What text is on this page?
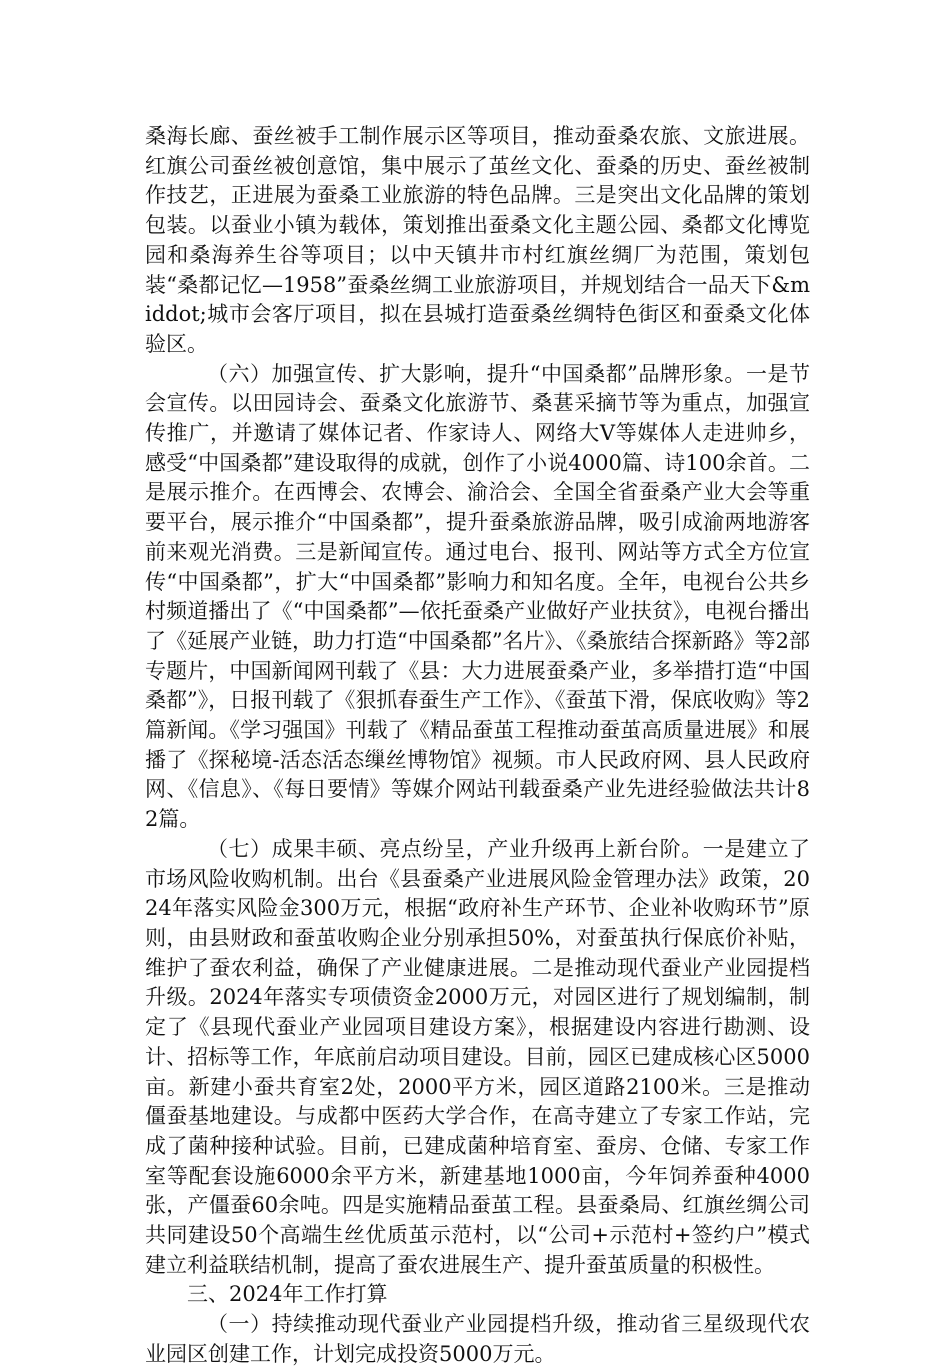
桑海长廊、蚕丝被手工制作展示区等项目，推动蚕桑农旅、文旅进展。红旗公司蚕丝被创意馆，集中展示了茧丝文化、蚕桑的历史、蚕丝被制作技艺，正进展为蚕桑工业旅游的特色品牌。三是突出文化品牌的策划包装。以蚕业小镇为载体，策划推出蚕桑文化主题公园、桑都文化博览园和桑海养生谷等项目；以中天镇井市村红旗丝绸厂为范围，策划包装“桑都记忆—1958”蚕桑丝绸工业旅游项目，并规划结合一品天下&middot;城市会客厅项目，拟在县城打造蚕桑丝绸特色街区和蚕桑文化体验区。

（六）加强宣传、扩大影响，提升“中国桑都”品牌形象。一是节会宣传。以田园诗会、蚕桑文化旅游节、桑葚采摘节等为重点，加强宣传推广，并邀请了媒体记者、作家诗人、网络大V等媒体人走进帅乡，感受“中国桑都”建设取得的成就，创作了小说4000篇、诗100余首。二是展示推介。在西博会、农博会、渝洽会、全国全省蚕桑产业大会等重要平台，展示推介“中国桑都”，提升蚕桑旅游品牌，吸引成渝两地游客前来观光消费。三是新闻宣传。通过电台、报刊、网站等方式全方位宣传“中国桑都”，扩大“中国桑都”影响力和知名度。全年，电视台公共乡村频道播出了《“中国桑都”—依托蚕桑产业做好产业扶贫》，电视台播出了《延展产业链，助力打造“中国桑都”名片》、《桑旅结合探新路》等2部专题片，中国新闻网刊载了《县：大力进展蚕桑产业，多举措打造“中国桑都”》，日报刊载了《狠抓春蚕生产工作》、《蚕茧下滑，保底收购》等2篇新闻。《学习强国》刊载了《精品蚕茧工程推动蚕茧高质量进展》和展播了《探秘境-活态活态缫丝博物馆》视频。市人民政府网、县人民政府网、《信息》、《每日要情》等媒介网站刊载蚕桑产业先进经验做法共计82篇。

（七）成果丰硕、亮点纷呈，产业升级再上新台阶。一是建立了市场风险收购机制。出台《县蚕桑产业进展风险金管理办法》政策，2024年落实风险金300万元，根据“政府补生产环节、企业补收购环节”原则，由县财政和蚕茧收购企业分别承担50%，对蚕茧执行保底价补贴，维护了蚕农利益，确保了产业健康进展。二是推动现代蚕业产业园提档升级。2024年落实专项债资金2000万元，对园区进行了规划编制，制定了《县现代蚕业产业园项目建设方案》，根据建设内容进行勘测、设计、招标等工作，年底前启动项目建设。目前，园区已建成核心区5000亩。新建小蚕共育室2处，2000平方米，园区道路2100米。三是推动僵蚕基地建设。与成都中医药大学合作，在高寺建立了专家工作站，完成了菌种接种试验。目前，已建成菌种培育室、蚕房、仓储、专家工作室等配套设施6000余平方米，新建基地1000亩，今年饲养蚕种4000张，产僵蚕60余吨。四是实施精品蚕茧工程。县蚕桑局、红旗丝绸公司共同建设50个高端生丝优质茧示范村，以“公司+示范村+签约户”模式建立利益联结机制，提高了蚕农进展生产、提升蚕茧质量的积极性。

三、2024年工作打算

（一）持续推动现代蚕业产业园提档升级，推动省三星级现代农业园区创建工作，计划完成投资5000万元。
